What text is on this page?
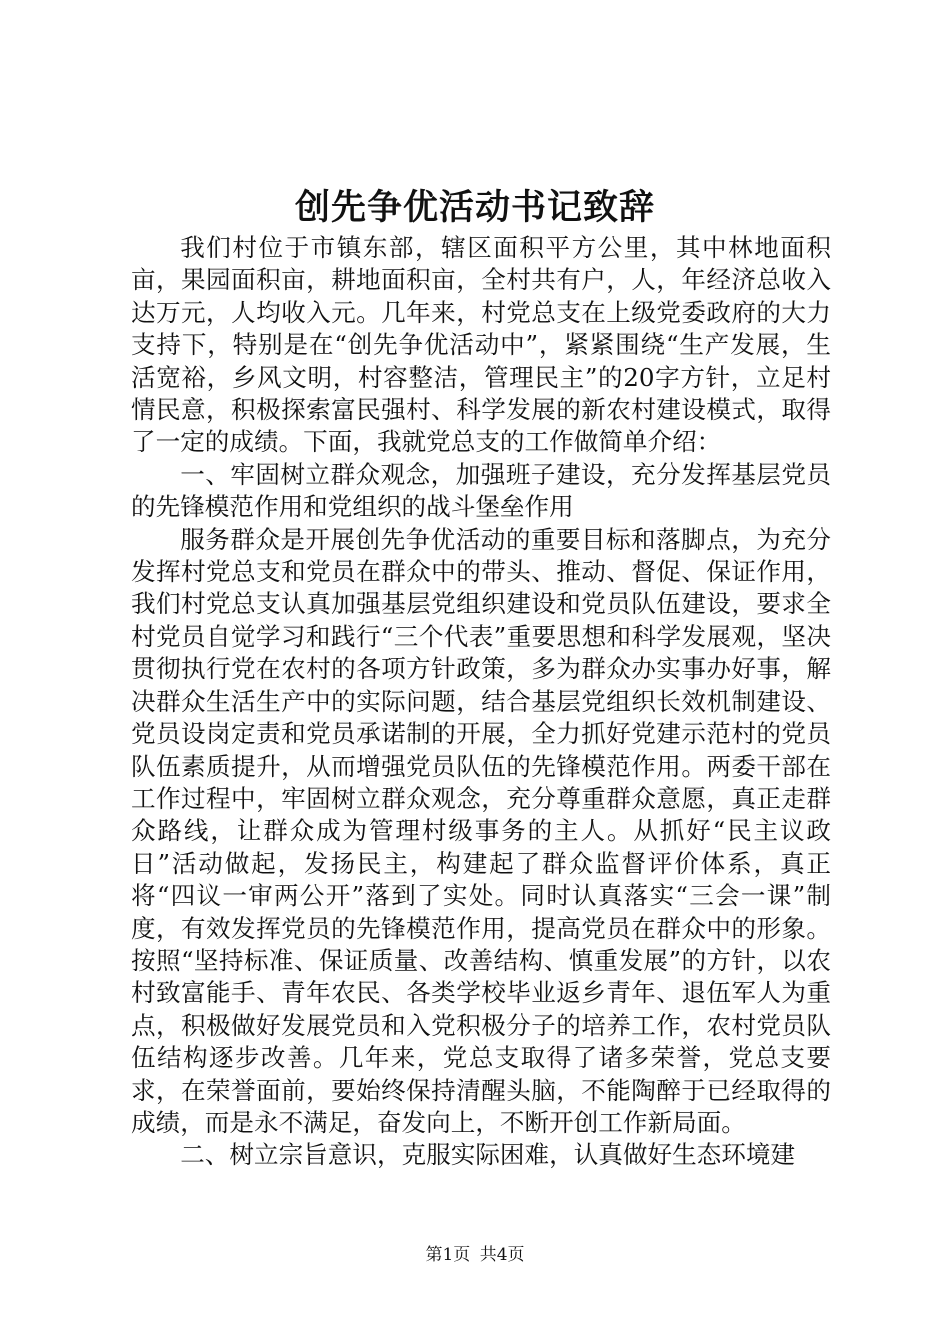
创先争优活动书记致辞

我们村位于市镇东部，辖区面积平方公里，其中林地面积亩，果园面积亩，耕地面积亩，全村共有户，人，年经济总收入达万元，人均收入元。几年来，村党总支在上级党委政府的大力支持下，特别是在“创先争优活动中”，紧紧围绕“生产发展，生活宽裕，乡风文明，村容整洁，管理民主”的20字方针，立足村情民意，积极探索富民强村、科学发展的新农村建设模式，取得了一定的成绩。下面，我就党总支的工作做简单介绍：

一、牢固树立群众观念，加强班子建设，充分发挥基层党员的先锋模范作用和党组织的战斗堡垒作用

服务群众是开展创先争优活动的重要目标和落脚点，为充分发挥村党总支和党员在群众中的带头、推动、督促、保证作用，我们村党总支认真加强基层党组织建设和党员队伍建设，要求全村党员自觉学习和践行“三个代表”重要思想和科学发展观，坚决贯彻执行党在农村的各项方针政策，多为群众办实事办好事，解决群众生活生产中的实际问题，结合基层党组织长效机制建设、党员设岗定责和党员承诺制的开展，全力抓好党建示范村的党员队伍素质提升，从而增强党员队伍的先锋模范作用。两委干部在工作过程中，牢固树立群众观念，充分尊重群众意愿，真正走群众路线，让群众成为管理村级事务的主人。从抓好“民主议政日”活动做起，发扬民主，构建起了群众监督评价体系，真正将“四议一审两公开”落到了实处。同时认真落实“三会一课”制度，有效发挥党员的先锋模范作用，提高党员在群众中的形象。按照“坚持标准、保证质量、改善结构、慎重发展”的方针，以农村致富能手、青年农民、各类学校毕业返乡青年、退伍军人为重点，积极做好发展党员和入党积极分子的培养工作，农村党员队伍结构逐步改善。几年来，党总支取得了诸多荣誉，党总支要求，在荣誉面前，要始终保持清醒头脑，不能陶醉于已经取得的成绩，而是永不满足，奋发向上，不断开创工作新局面。

二、树立宗旨意识，克服实际困难，认真做好生态环境建

第1页 共4页
